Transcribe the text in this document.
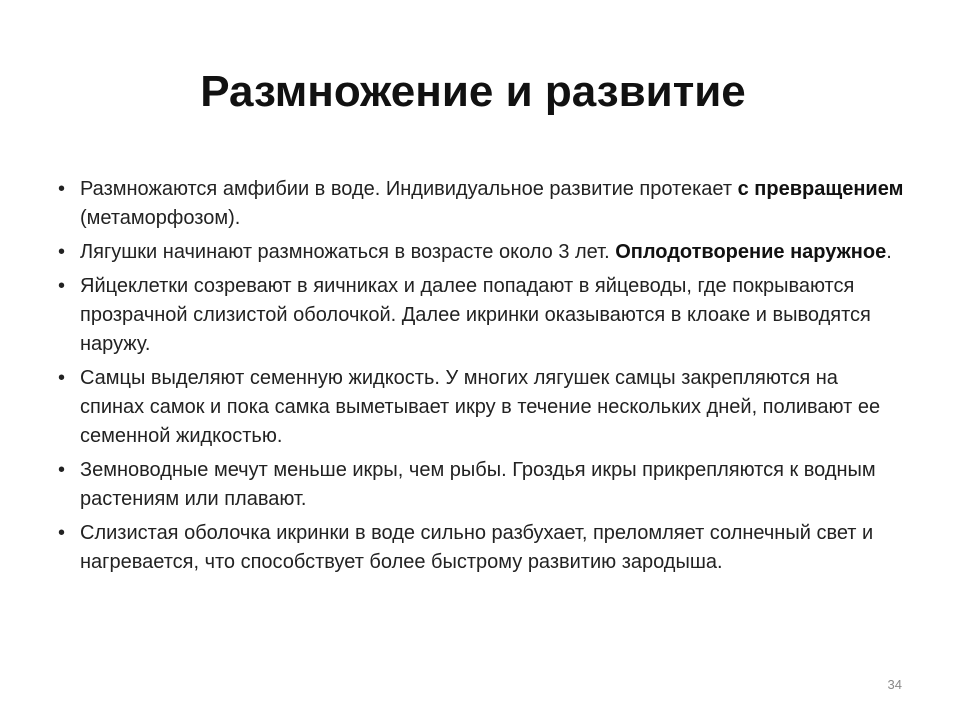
Размножение и развитие
• Размножаются амфибии в воде. Индивидуальное развитие протекает с превращением (метаморфозом).
• Лягушки начинают размножаться в возрасте около 3 лет. Оплодотворение наружное.
• Яйцеклетки созревают в яичниках и далее попадают в яйцеводы, где покрываются прозрачной слизистой оболочкой. Далее икринки оказываются в клоаке и выводятся наружу.
• Самцы выделяют семенную жидкость. У многих лягушек самцы закрепляются на спинах самок и пока самка выметывает икру в течение нескольких дней, поливают ее семенной жидкостью.
• Земноводные мечут меньше икры, чем рыбы. Гроздья икры прикрепляются к водным растениям или плавают.
• Слизистая оболочка икринки в воде сильно разбухает, преломляет солнечный свет и нагревается, что способствует более быстрому развитию зародыша.
34
